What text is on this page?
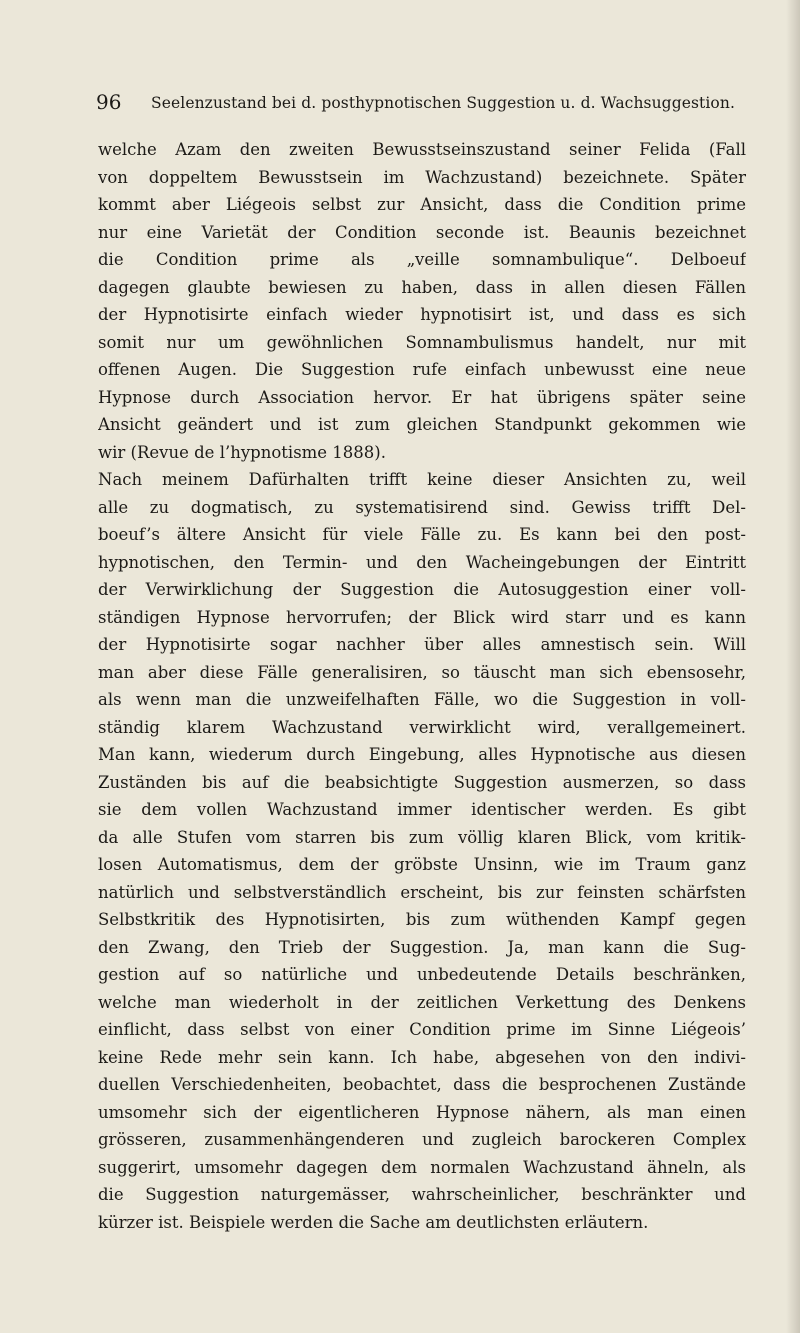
96 Seelenzustand bei d. posthypnotischen Suggestion u. d. Wachsuggestion.
welche Azam den zweiten Bewusstseinszustand seiner Felida (Fall
von doppeltem Bewusstsein im Wachzustand) bezeichnete. Später
kommt aber Liégeois selbst zur Ansicht, dass die Condition prime
nur eine Varietät der Condition seconde ist. Beaunis bezeichnet
die Condition prime als „veille somnambulique“. Delboeuf
dagegen glaubte bewiesen zu haben, dass in allen diesen Fällen
der Hypnotisirte einfach wieder hypnotisirt ist, und dass es sich
somit nur um gewöhnlichen Somnambulismus handelt, nur mit
offenen Augen. Die Suggestion rufe einfach unbewusst eine neue
Hypnose durch Association hervor. Er hat übrigens später seine
Ansicht geändert und ist zum gleichen Standpunkt gekommen wie
wir (Revue de l’hypnotisme 1888).
Nach meinem Dafürhalten trifft keine dieser Ansichten zu, weil
alle zu dogmatisch, zu systematisirend sind. Gewiss trifft Del-
boeuf’s ältere Ansicht für viele Fälle zu. Es kann bei den post-
hypnotischen, den Termin- und den Wacheingebungen der Eintritt
der Verwirklichung der Suggestion die Autosuggestion einer voll-
ständigen Hypnose hervorrufen; der Blick wird starr und es kann
der Hypnotisirte sogar nachher über alles amnestisch sein. Will
man aber diese Fälle generalisiren, so täuscht man sich ebensosehr,
als wenn man die unzweifelhaften Fälle, wo die Suggestion in voll-
ständig klarem Wachzustand verwirklicht wird, verallgemeinert.
Man kann, wiederum durch Eingebung, alles Hypnotische aus diesen
Zuständen bis auf die beabsichtigte Suggestion ausmerzen, so dass
sie dem vollen Wachzustand immer identischer werden. Es gibt
da alle Stufen vom starren bis zum völlig klaren Blick, vom kritik-
losen Automatismus, dem der gröbste Unsinn, wie im Traum ganz
natürlich und selbstverständlich erscheint, bis zur feinsten schärfsten
Selbstkritik des Hypnotisirten, bis zum wüthenden Kampf gegen
den Zwang, den Trieb der Suggestion. Ja, man kann die Sug-
gestion auf so natürliche und unbedeutende Details beschränken,
welche man wiederholt in der zeitlichen Verkettung des Denkens
einflicht, dass selbst von einer Condition prime im Sinne Liégeois’
keine Rede mehr sein kann. Ich habe, abgesehen von den indivi-
duellen Verschiedenheiten, beobachtet, dass die besprochenen Zustände
umsomehr sich der eigentlicheren Hypnose nähern, als man einen
grösseren, zusammenhängenderen und zugleich barockeren Complex
suggerirt, umsomehr dagegen dem normalen Wachzustand ähneln, als
die Suggestion naturgemässer, wahrscheinlicher, beschränkter und
kürzer ist. Beispiele werden die Sache am deutlichsten erläutern.
